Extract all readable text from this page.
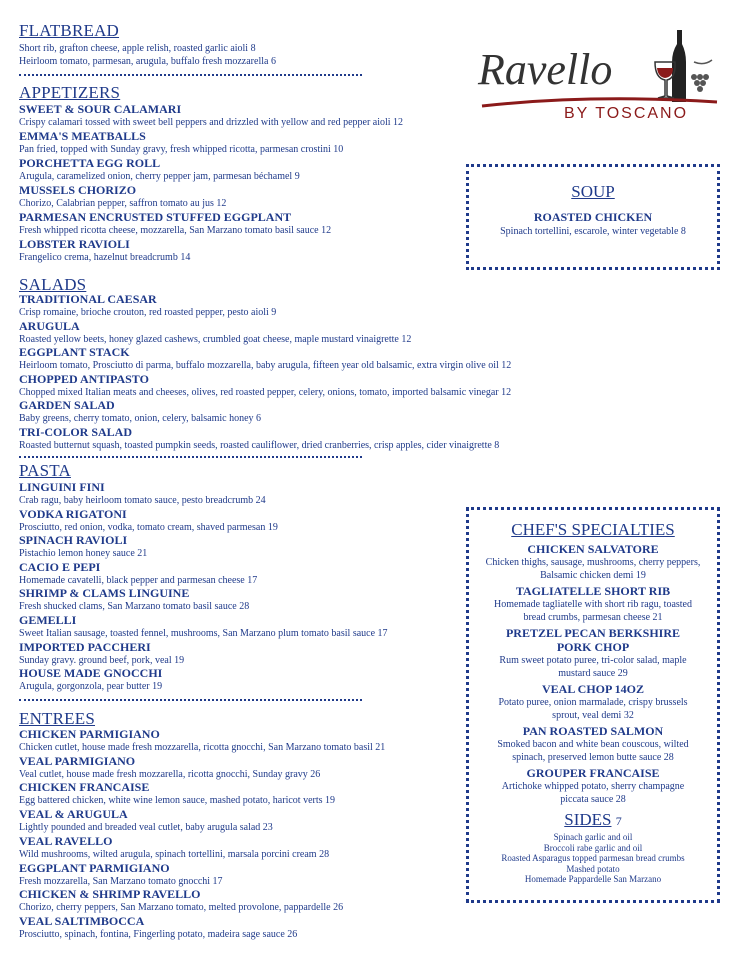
Ravello
BY TOSCANO
FLATBREAD
Short rib, grafton cheese, apple relish, roasted garlic aioli 8
Heirloom tomato, parmesan, arugula, buffalo fresh mozzarella 6
APPETIZERS
SWEET & SOUR CALAMARI
Crispy calamari tossed with sweet bell peppers and drizzled with yellow and red pepper aioli 12
EMMA'S MEATBALLS
Pan fried, topped with Sunday gravy, fresh whipped ricotta, parmesan crostini 10
PORCHETTA EGG ROLL
Arugula, caramelized onion, cherry pepper jam, parmesan béchamel 9
MUSSELS CHORIZO
Chorizo, Calabrian pepper, saffron tomato au jus 12
PARMESAN ENCRUSTED STUFFED EGGPLANT
Fresh whipped ricotta cheese, mozzarella, San Marzano tomato basil sauce 12
LOBSTER RAVIOLI
Frangelico crema, hazelnut breadcrumb 14
SALADS
TRADITIONAL CAESAR
Crisp romaine, brioche crouton, red roasted pepper, pesto aioli 9
ARUGULA
Roasted yellow beets, honey glazed cashews, crumbled goat cheese, maple mustard vinaigrette 12
EGGPLANT STACK
Heirloom tomato, Prosciutto di parma, buffalo mozzarella, baby arugula, fifteen year old balsamic, extra virgin olive oil 12
CHOPPED ANTIPASTO
Chopped mixed Italian meats and cheeses, olives, red roasted pepper, celery, onions, tomato, imported balsamic vinegar 12
GARDEN SALAD
Baby greens, cherry tomato, onion, celery, balsamic honey 6
TRI-COLOR SALAD
Roasted butternut squash, toasted pumpkin seeds, roasted cauliflower, dried cranberries, crisp apples, cider vinaigrette 8
PASTA
LINGUINI FINI
Crab ragu, baby heirloom tomato sauce, pesto breadcrumb 24
VODKA RIGATONI
Prosciutto, red onion, vodka, tomato cream, shaved parmesan 19
SPINACH RAVIOLI
Pistachio lemon honey sauce 21
CACIO E PEPI
Homemade cavatelli, black pepper and parmesan cheese 17
SHRIMP & CLAMS LINGUINE
Fresh shucked clams, San Marzano tomato basil sauce 28
GEMELLI
Sweet Italian sausage, toasted fennel, mushrooms, San Marzano plum tomato basil sauce 17
IMPORTED PACCHERI
Sunday gravy. ground beef, pork, veal 19
HOUSE MADE GNOCCHI
Arugula, gorgonzola, pear butter 19
ENTREES
CHICKEN PARMIGIANO
Chicken cutlet, house made fresh mozzarella, ricotta gnocchi, San Marzano tomato basil 21
VEAL PARMIGIANO
Veal cutlet, house made fresh mozzarella, ricotta gnocchi, Sunday gravy 26
CHICKEN FRANCAISE
Egg battered chicken, white wine lemon sauce, mashed potato, haricot verts 19
VEAL & ARUGULA
Lightly pounded and breaded veal cutlet, baby arugula salad 23
VEAL RAVELLO
Wild mushrooms, wilted arugula, spinach tortellini, marsala porcini cream 28
EGGPLANT PARMIGIANO
Fresh mozzarella, San Marzano tomato gnocchi 17
CHICKEN & SHRIMP RAVELLO
Chorizo, cherry peppers, San Marzano tomato, melted provolone, pappardelle 26
VEAL SALTIMBOCCA
Prosciutto, spinach, fontina, Fingerling potato, madeira sage sauce 26
SOUP
ROASTED CHICKEN
Spinach tortellini, escarole, winter vegetable 8
CHEF'S SPECIALTIES
CHICKEN SALVATORE
Chicken thighs, sausage, mushrooms, cherry peppers,
Balsamic chicken demi 19
TAGLIATELLE SHORT RIB
Homemade tagliatelle with short rib ragu, toasted
bread crumbs, parmesan cheese 21
PRETZEL PECAN BERKSHIRE
PORK CHOP
Rum sweet potato puree, tri-color salad, maple
mustard sauce 29
VEAL CHOP 14OZ
Potato puree, onion marmalade, crispy brussels
sprout, veal demi 32
PAN ROASTED SALMON
Smoked bacon and white bean couscous, wilted
spinach, preserved lemon butte sauce 28
GROUPER FRANCAISE
Artichoke whipped potato, sherry champagne
piccata sauce 28
SIDES 7
Spinach garlic and oil
Broccoli rabe garlic and oil
Roasted Asparagus topped parmesan bread crumbs
Mashed potato
Homemade Pappardelle San Marzano
